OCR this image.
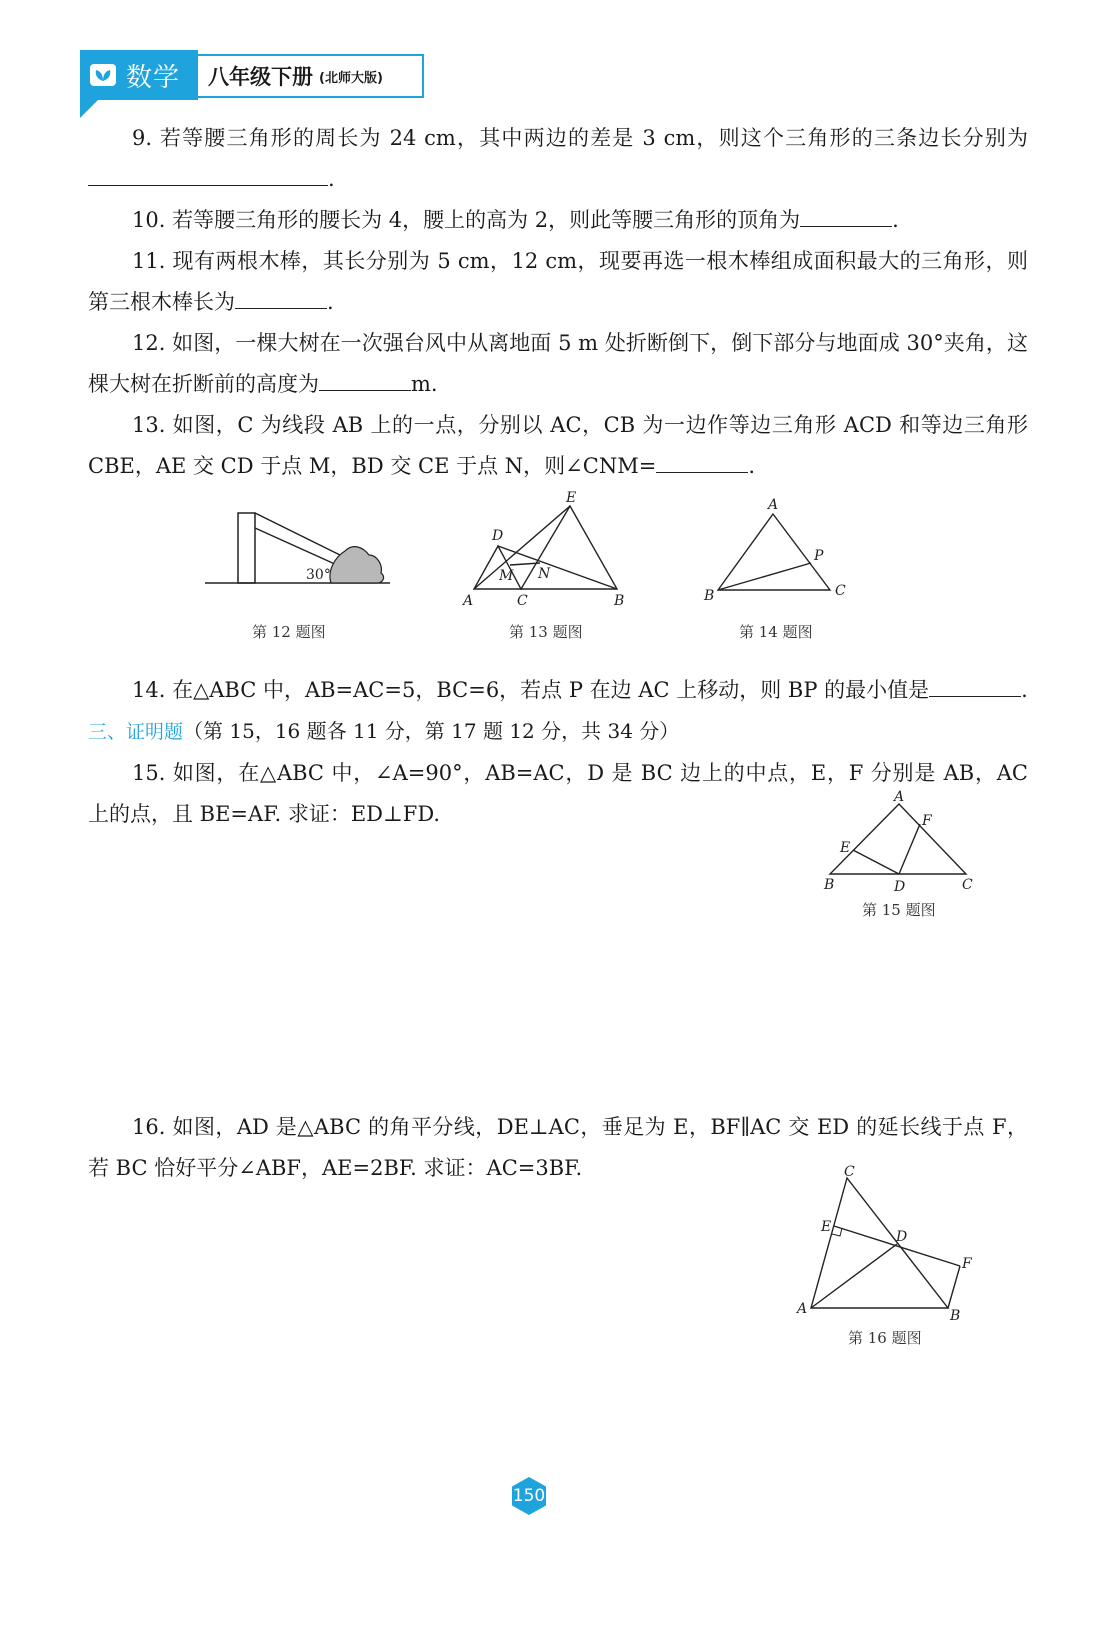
数学 八年级下册 (北师大版)

9. 若等腰三角形的周长为 24 cm，其中两边的差是 3 cm，则这个三角形的三条边长分别为.

10. 若等腰三角形的腰长为 4，腰上的高为 2，则此等腰三角形的顶角为	.

11. 现有两根木棒，其长分别为 5 cm，12 cm，现要再选一根木棒组成面积最大的三角形，则第三根木棒长为	.

12. 如图，一棵大树在一次强台风中从离地面 5 m 处折断倒下，倒下部分与地面成 30°夹角，这棵大树在折断前的高度为	m.

13. 如图，C 为线段 AB 上的一点，分别以 AC，CB 为一边作等边三角形 ACD 和等边三角形 CBE，AE 交 CD 于点 M，BD 交 CE 于点 N，则∠CNM=	.

30°
第 12 题图
A	B
C
D
E
M N
第 13 题图
A
B	C
P
第 14 题图

14. 在△ABC 中，AB=AC=5，BC=6，若点 P 在边 AC 上移动，则 BP 的最小值是	.

三、证明题（第 15，16 题各 11 分，第 17 题 12 分，共 34 分）

15. 如图，在△ABC 中，∠A=90°，AB=AC，D 是 BC 边上的中点，E，F 分别是 AB，AC 上的点，且 BE=AF. 求证：ED⊥FD.

A
B	C
D
E
F
第 15 题图

16. 如图，AD 是△ABC 的角平分线，DE⊥AC，垂足为 E，BF∥AC 交 ED 的延长线于点 F，若 BC 恰好平分∠ABF，AE=2BF. 求证：AC=3BF.	C
A	B
D
E
F
第 16 题图
150
